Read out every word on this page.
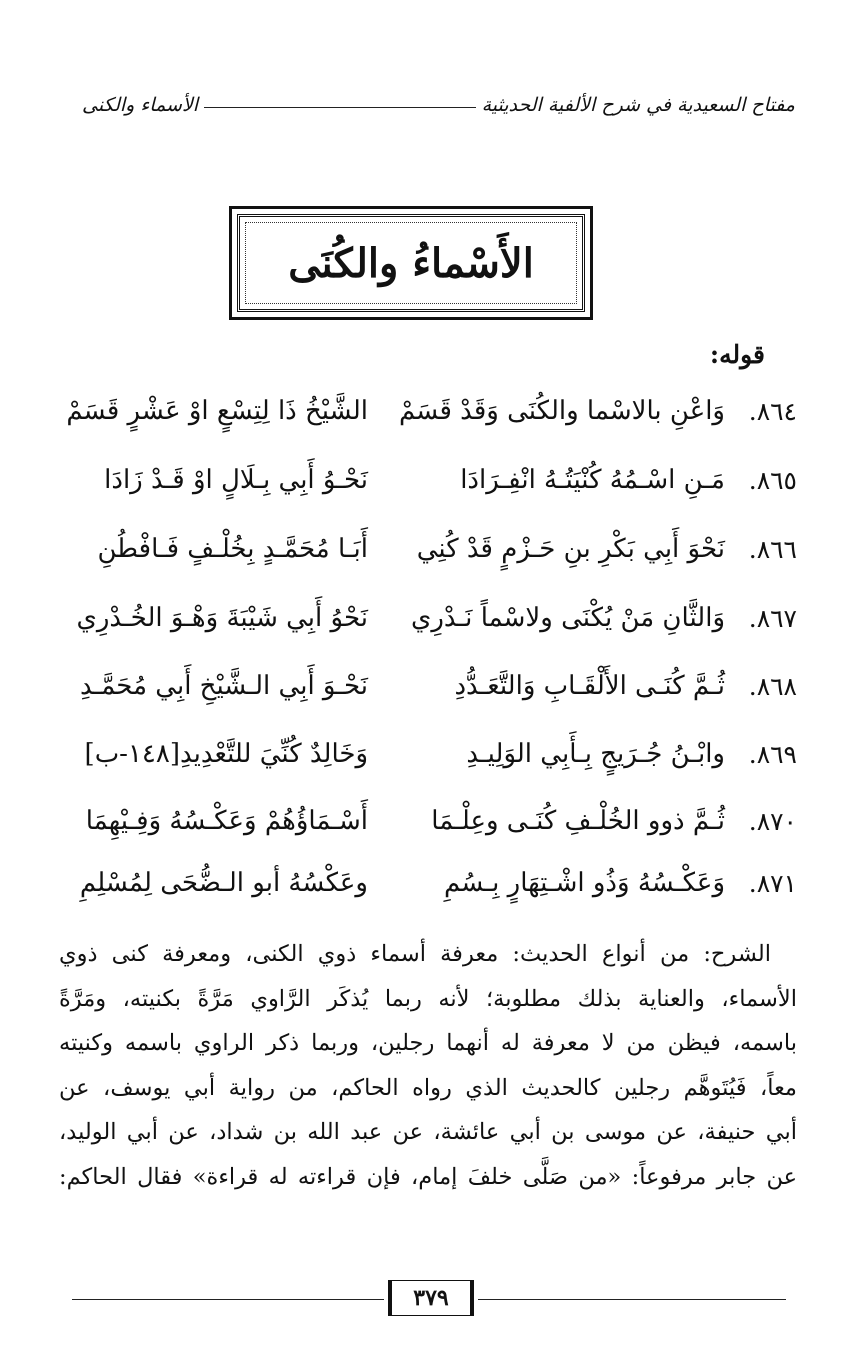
مفتاح السعيدية في شرح الألفية الحديثية
الأسماء والكنى
الأَسْماءُ والكُنَى
قوله:
٨٦٤.
وَاعْنِ بالاسْما والكُنَى وَقَدْ قَسَمْ
الشَّيْخُ ذَا لِتِسْعٍ اوْ عَشْرٍ قَسَمْ
٨٦٥.
مَـنِ اسْـمُهُ كُنْيَتُـهُ انْفِـرَادَا
نَحْـوُ أَبِي بِـلَالٍ اوْ قَـدْ زَادَا
٨٦٦.
نَحْوَ أَبِي بَكْرِ بنِ حَـزْمٍ قَدْ كُنِي
أَبَـا مُحَمَّـدٍ بِخُلْـفٍ فَـافْطُنِ
٨٦٧.
وَالثَّانِ مَنْ يُكْنَى ولاسْماً نَـدْرِي
نَحْوُ أَبِي شَيْبَةَ وَهْـوَ الخُـدْرِي
٨٦٨.
ثُـمَّ كُنَـى الأَلْقَـابِ وَالتَّعَـدُّدِ
نَحْـوَ أَبِي الـشَّيْخِ أَبِي مُحَمَّـدِ
٨٦٩.
وابْـنُ جُـرَيجٍ بِـأَبِي الوَلِيـدِ
وَخَالِدٌ كُنِّيَ للتَّعْدِيدِ[١٤٨-ب]
٨٧٠.
ثُـمَّ ذوو الخُلْـفِ كُنَـى وعِلْـمَا
أَسْـمَاؤُهُمْ وَعَكْـسُهُ وَفِـيْهِمَا
٨٧١.
وَعَكْـسُهُ وَذُو اشْـتِهَارٍ بِـسُمِ
وعَكْسُهُ أبو الـضُّحَى لِمُسْلِمِ

الشرح: من أنواع الحديث: معرفة أسماء ذوي الكنى، ومعرفة كنى ذوي

الأسماء، والعناية بذلك مطلوبة؛ لأنه ربما يُذكَر الرَّاوي مَرَّةً بكنيته، ومَرَّةً

باسمه، فيظن من لا معرفة له أنهما رجلين، وربما ذكر الراوي باسمه وكنيته

معاً، فَيُتَوهَّم رجلين كالحديث الذي رواه الحاكم، من رواية أبي يوسف، عن

أبي حنيفة، عن موسى بن أبي عائشة، عن عبد الله بن شداد، عن أبي الوليد،

عن جابر مرفوعاً: «من صَلَّى خلفَ إمام، فإن قراءته له قراءة» فقال الحاكم:

٣٧٩
